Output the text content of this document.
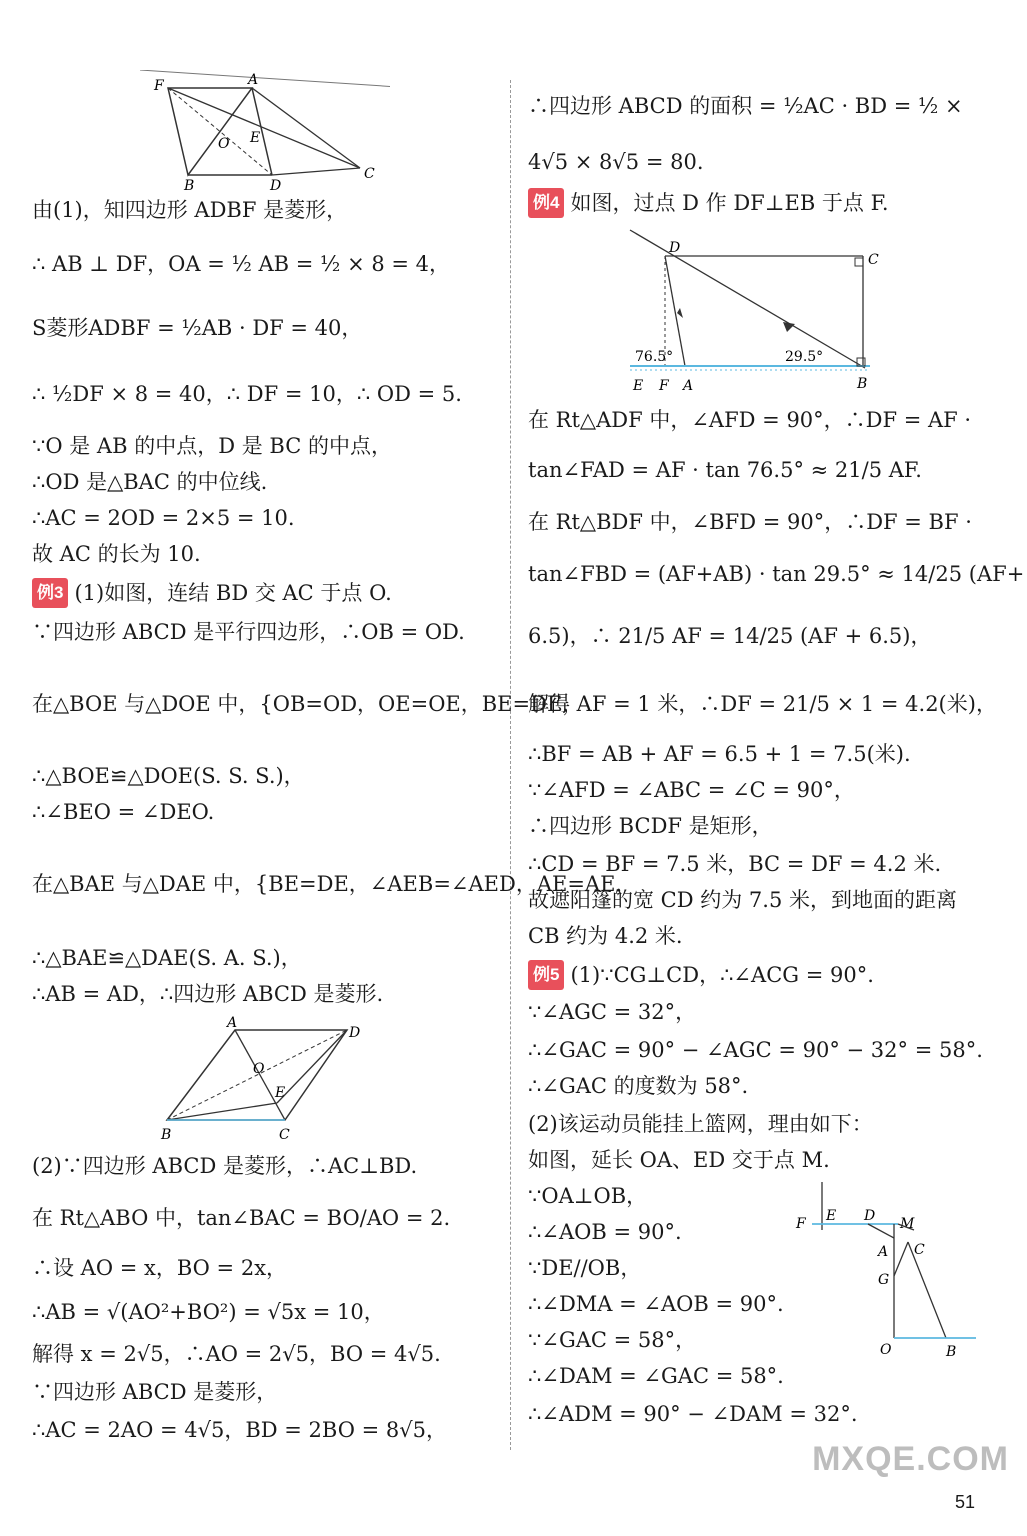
F	A
O E
B	D
C
由(1)，知四边形 ADBF 是菱形，
∴ AB ⊥ DF，OA = ½ AB = ½ × 8 = 4，
S菱形ADBF = ½AB · DF = 40，
∴ ½DF × 8 = 40，∴ DF = 10，∴ OD = 5.
∵O 是 AB 的中点，D 是 BC 的中点，
∴OD 是△BAC 的中位线.
∴AC = 2OD = 2×5 = 10.
故 AC 的长为 10.
例3 (1)如图，连结 BD 交 AC 于点 O.
∵四边形 ABCD 是平行四边形，∴OB = OD.
在△BOE 与△DOE 中，{OB=OD，OE=OE，BE=DE，
∴△BOE≌△DOE(S. S. S.)，
∴∠BEO = ∠DEO.
在△BAE 与△DAE 中，{BE=DE，∠AEB=∠AED，AE=AE，
∴△BAE≌△DAE(S. A. S.)，
∴AB = AD，∴四边形 ABCD 是菱形.
(2)∵四边形 ABCD 是菱形，∴AC⊥BD.
在 Rt△ABO 中，tan∠BAC = BO/AO = 2.
∴设 AO = x，BO = 2x，
∴AB = √(AO²+BO²) = √5x = 10，
解得 x = 2√5，∴AO = 2√5，BO = 4√5.
∵四边形 ABCD 是菱形，
∴AC = 2AO = 4√5，BD = 2BO = 8√5，
A
D
O
E
B	C
∴四边形 ABCD 的面积 = ½AC · BD = ½ ×
4√5 × 8√5 = 80.
例4 如图，过点 D 作 DF⊥EB 于点 F.
在 Rt△ADF 中，∠AFD = 90°，∴DF = AF ·
tan∠FAD = AF · tan 76.5° ≈ 21/5 AF.
在 Rt△BDF 中，∠BFD = 90°，∴DF = BF ·
tan∠FBD = (AF+AB) · tan 29.5° ≈ 14/25 (AF+
6.5)，∴ 21/5 AF = 14/25 (AF + 6.5)，
解得 AF = 1 米，∴DF = 21/5 × 1 = 4.2(米)，
∴BF = AB + AF = 6.5 + 1 = 7.5(米).
∵∠AFD = ∠ABC = ∠C = 90°，
∴四边形 BCDF 是矩形，
∴CD = BF = 7.5 米，BC = DF = 4.2 米.
故遮阳篷的宽 CD 约为 7.5 米，到地面的距离
CB 约为 4.2 米.
例5 (1)∵CG⊥CD，∴∠ACG = 90°.
∵∠AGC = 32°，
∴∠GAC = 90° − ∠AGC = 90° − 32° = 58°.
∴∠GAC 的度数为 58°.
(2)该运动员能挂上篮网，理由如下：
如图，延长 OA、ED 交于点 M.
∵OA⊥OB，
∴∠AOB = 90°.
∵DE//OB，
∴∠DMA = ∠AOB = 90°.
∵∠GAC = 58°，
∴∠DAM = ∠GAC = 58°.
∴∠ADM = 90° − ∠DAM = 32°.
D
C
76.5°	29.5°
E F A	B
F E D M
A C
G
O	B
MXQE.COM
51
